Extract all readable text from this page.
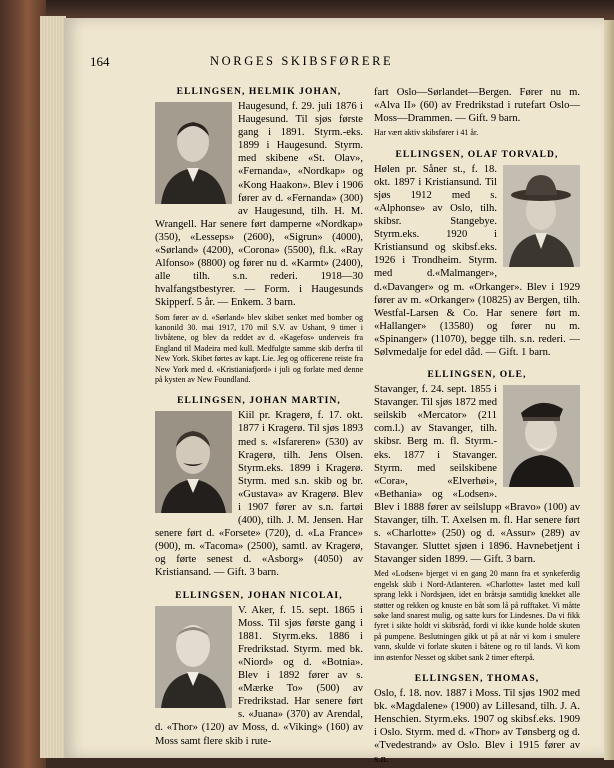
164	NORGES SKIBSFØRERE
ELLINGSEN, HELMIK JOHAN,

Haugesund, f. 29. juli 1876 i Haugesund. Til sjøs første gang i 1891. Styrm.-eks. 1899 i Haugesund. Styrm. med skibene «St. Olav», «Fernanda», «Nordkap» og «Kong Haakon». Blev i 1906 fører av d. «Fernanda» (300) av Haugesund, tilh. H. M. Wrangell. Har senere ført damperne «Nordkap» (350), «Lesseps» (2600), «Sigrun» (4000), «Sørland» (4200), «Corona» (5500), fl.k. «Ray Alfonso» (8800) og fører nu d. «Karmt» (2400), alle tilh. s.n. rederi. 1918—30 hvalfangstbestyrer. — Form. i Haugesunds Skipperf. 5 år. — Enkem. 3 barn.

Som fører av d. «Sørland» blev skibet senket med bomber og kanonild 30. mai 1917, 170 mil S.V. av Ushant, 9 timer i livbåtene, og blev da reddet av d. «Kagefos» underveis fra England til Madeira med kull. Medfulgte samme skib derfra til New York. Skibet førtes av kapt. Lie. Jeg og officerene reiste fra New York med d. «Kristianiafjord» i juli og forlate med denne på kysten av New Foundland.

ELLINGSEN, JOHAN MARTIN,

Kiil pr. Kragerø, f. 17. okt. 1877 i Kragerø. Til sjøs 1893 med s. «Isfareren» (530) av Kragerø, tilh. Jens Olsen. Styrm.eks. 1899 i Kragerø. Styrm. med s.n. skib og br. «Gustava» av Kragerø. Blev i 1907 fører av s.n. fartøi (400), tilh. J. M. Jensen. Har senere ført d. «Forsete» (720), d. «La France» (900), m. «Tacoma» (2500), samtl. av Kragerø, og førte senest d. «Asborg» (4050) av Kristiansand. — Gift. 3 barn.

ELLINGSEN, JOHAN NICOLAI,

V. Aker, f. 15. sept. 1865 i Moss. Til sjøs første gang i 1881. Styrm.eks. 1886 i Fredrikstad. Styrm. med bk. «Niord» og d. «Botnia». Blev i 1892 fører av s. «Mærke To» (500) av Fredrikstad. Har senere ført s. «Juana» (370) av Arendal, d. «Thor» (120) av Moss, d. «Viking» (160) av Moss samt flere skib i rute-

fart Oslo—Sørlandet—Bergen. Fører nu m. «Alva II» (60) av Fredrikstad i rutefart Oslo—Moss—Drammen. — Gift. 9 barn.

Har vært aktiv skibsfører i 41 år.

ELLINGSEN, OLAF TORVALD,

Hølen pr. Såner st., f. 18. okt. 1897 i Kristiansund. Til sjøs 1912 med s. «Alphonse» av Oslo, tilh. skibsr. Stangebye. Styrm.eks. 1920 i Kristiansund og skibsf.eks. 1926 i Trondheim. Styrm. med d.«Malmanger», d.«Davanger» og m. «Orkanger». Blev i 1929 fører av m. «Orkanger» (10825) av Bergen, tilh. Westfal-Larsen & Co. Har senere ført m. «Hallanger» (13580) og fører nu m. «Spinanger» (11070), begge tilh. s.n. rederi. — Sølvmedalje for edel dåd. — Gift. 1 barn.

ELLINGSEN, OLE,

Stavanger, f. 24. sept. 1855 i Stavanger. Til sjøs 1872 med seilskib «Mercator» (211 com.l.) av Stavanger, tilh. skibsr. Berg m. fl. Styrm.-eks. 1877 i Stavanger. Styrm. med seilskibene «Cora», «Elverhøi», «Bethania» og «Lodsen». Blev i 1888 fører av seilslupp «Bravo» (100) av Stavanger, tilh. T. Axelsen m. fl. Har senere ført s. «Charlotte» (250) og d. «Assur» (289) av Stavanger. Sluttet sjøen i 1896. Havnebetjent i Stavanger siden 1899. — Gift. 3 barn.

Med «Lodsen» bjerget vi en gang 20 mann fra et synkeferdig engelsk skib i Nord-Atlanteren. «Charlotte» lastet med kull sprang lekk i Nordsjøen, idet en bråtsjø samtidig knekket alle støtter og rekken og knuste en båt som lå på rufftaket. Vi måtte søke land snarest mulig, og satte kurs for Lindesnes. Da vi fikk fyret i sikte holdt vi skibsråd, fordi vi ikke kunde holde skuten på pumpene. Beslutningen gikk ut på at når vi kom i smulere vann, skulde vi forlate skuten i båtene og ro til lands. Vi kom inn østenfor Nesset og skibet sank 2 timer efterpå.

ELLINGSEN, THOMAS,

Oslo, f. 18. nov. 1887 i Moss. Til sjøs 1902 med bk. «Magdalene» (1900) av Lillesand, tilh. J. A. Henschien. Styrm.eks. 1907 og skibsf.eks. 1909 i Oslo. Styrm. med d. «Thor» av Tønsberg og d. «Tvedestrand» av Oslo. Blev i 1915 fører av s.n.
